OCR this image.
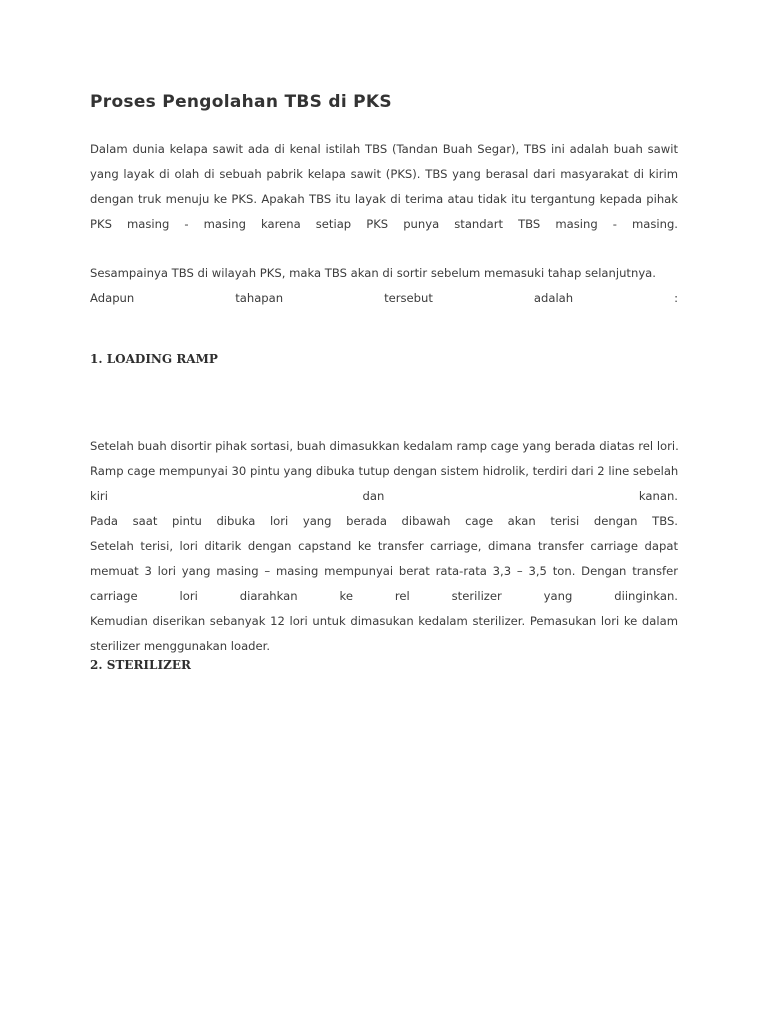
Proses Pengolahan TBS di PKS

Dalam dunia kelapa sawit ada di kenal istilah TBS (Tandan Buah Segar), TBS ini adalah buah sawit
yang layak di olah di sebuah pabrik kelapa sawit (PKS). TBS yang berasal dari masyarakat di kirim
dengan truk menuju ke PKS. Apakah TBS itu layak di terima atau tidak itu tergantung kepada pihak
PKS masing - masing karena setiap PKS punya standart TBS masing - masing.

Sesampainya TBS di wilayah PKS, maka TBS akan di sortir sebelum memasuki tahap selanjutnya.
Adapun tahapan tersebut adalah :

1. LOADING RAMP

Setelah buah disortir pihak sortasi, buah dimasukkan kedalam ramp cage yang berada diatas rel lori.
Ramp cage mempunyai 30 pintu yang dibuka tutup dengan sistem hidrolik, terdiri dari 2 line sebelah
kiri dan kanan.
Pada saat pintu dibuka lori yang berada dibawah cage akan terisi dengan TBS.
Setelah terisi, lori ditarik dengan capstand ke transfer carriage, dimana transfer carriage dapat
memuat 3 lori yang masing – masing mempunyai berat rata-rata 3,3 – 3,5 ton. Dengan transfer
carriage lori diarahkan ke rel sterilizer yang diinginkan.
Kemudian diserikan sebanyak 12 lori untuk dimasukan kedalam sterilizer. Pemasukan lori ke dalam
sterilizer menggunakan loader.

2. STERILIZER
